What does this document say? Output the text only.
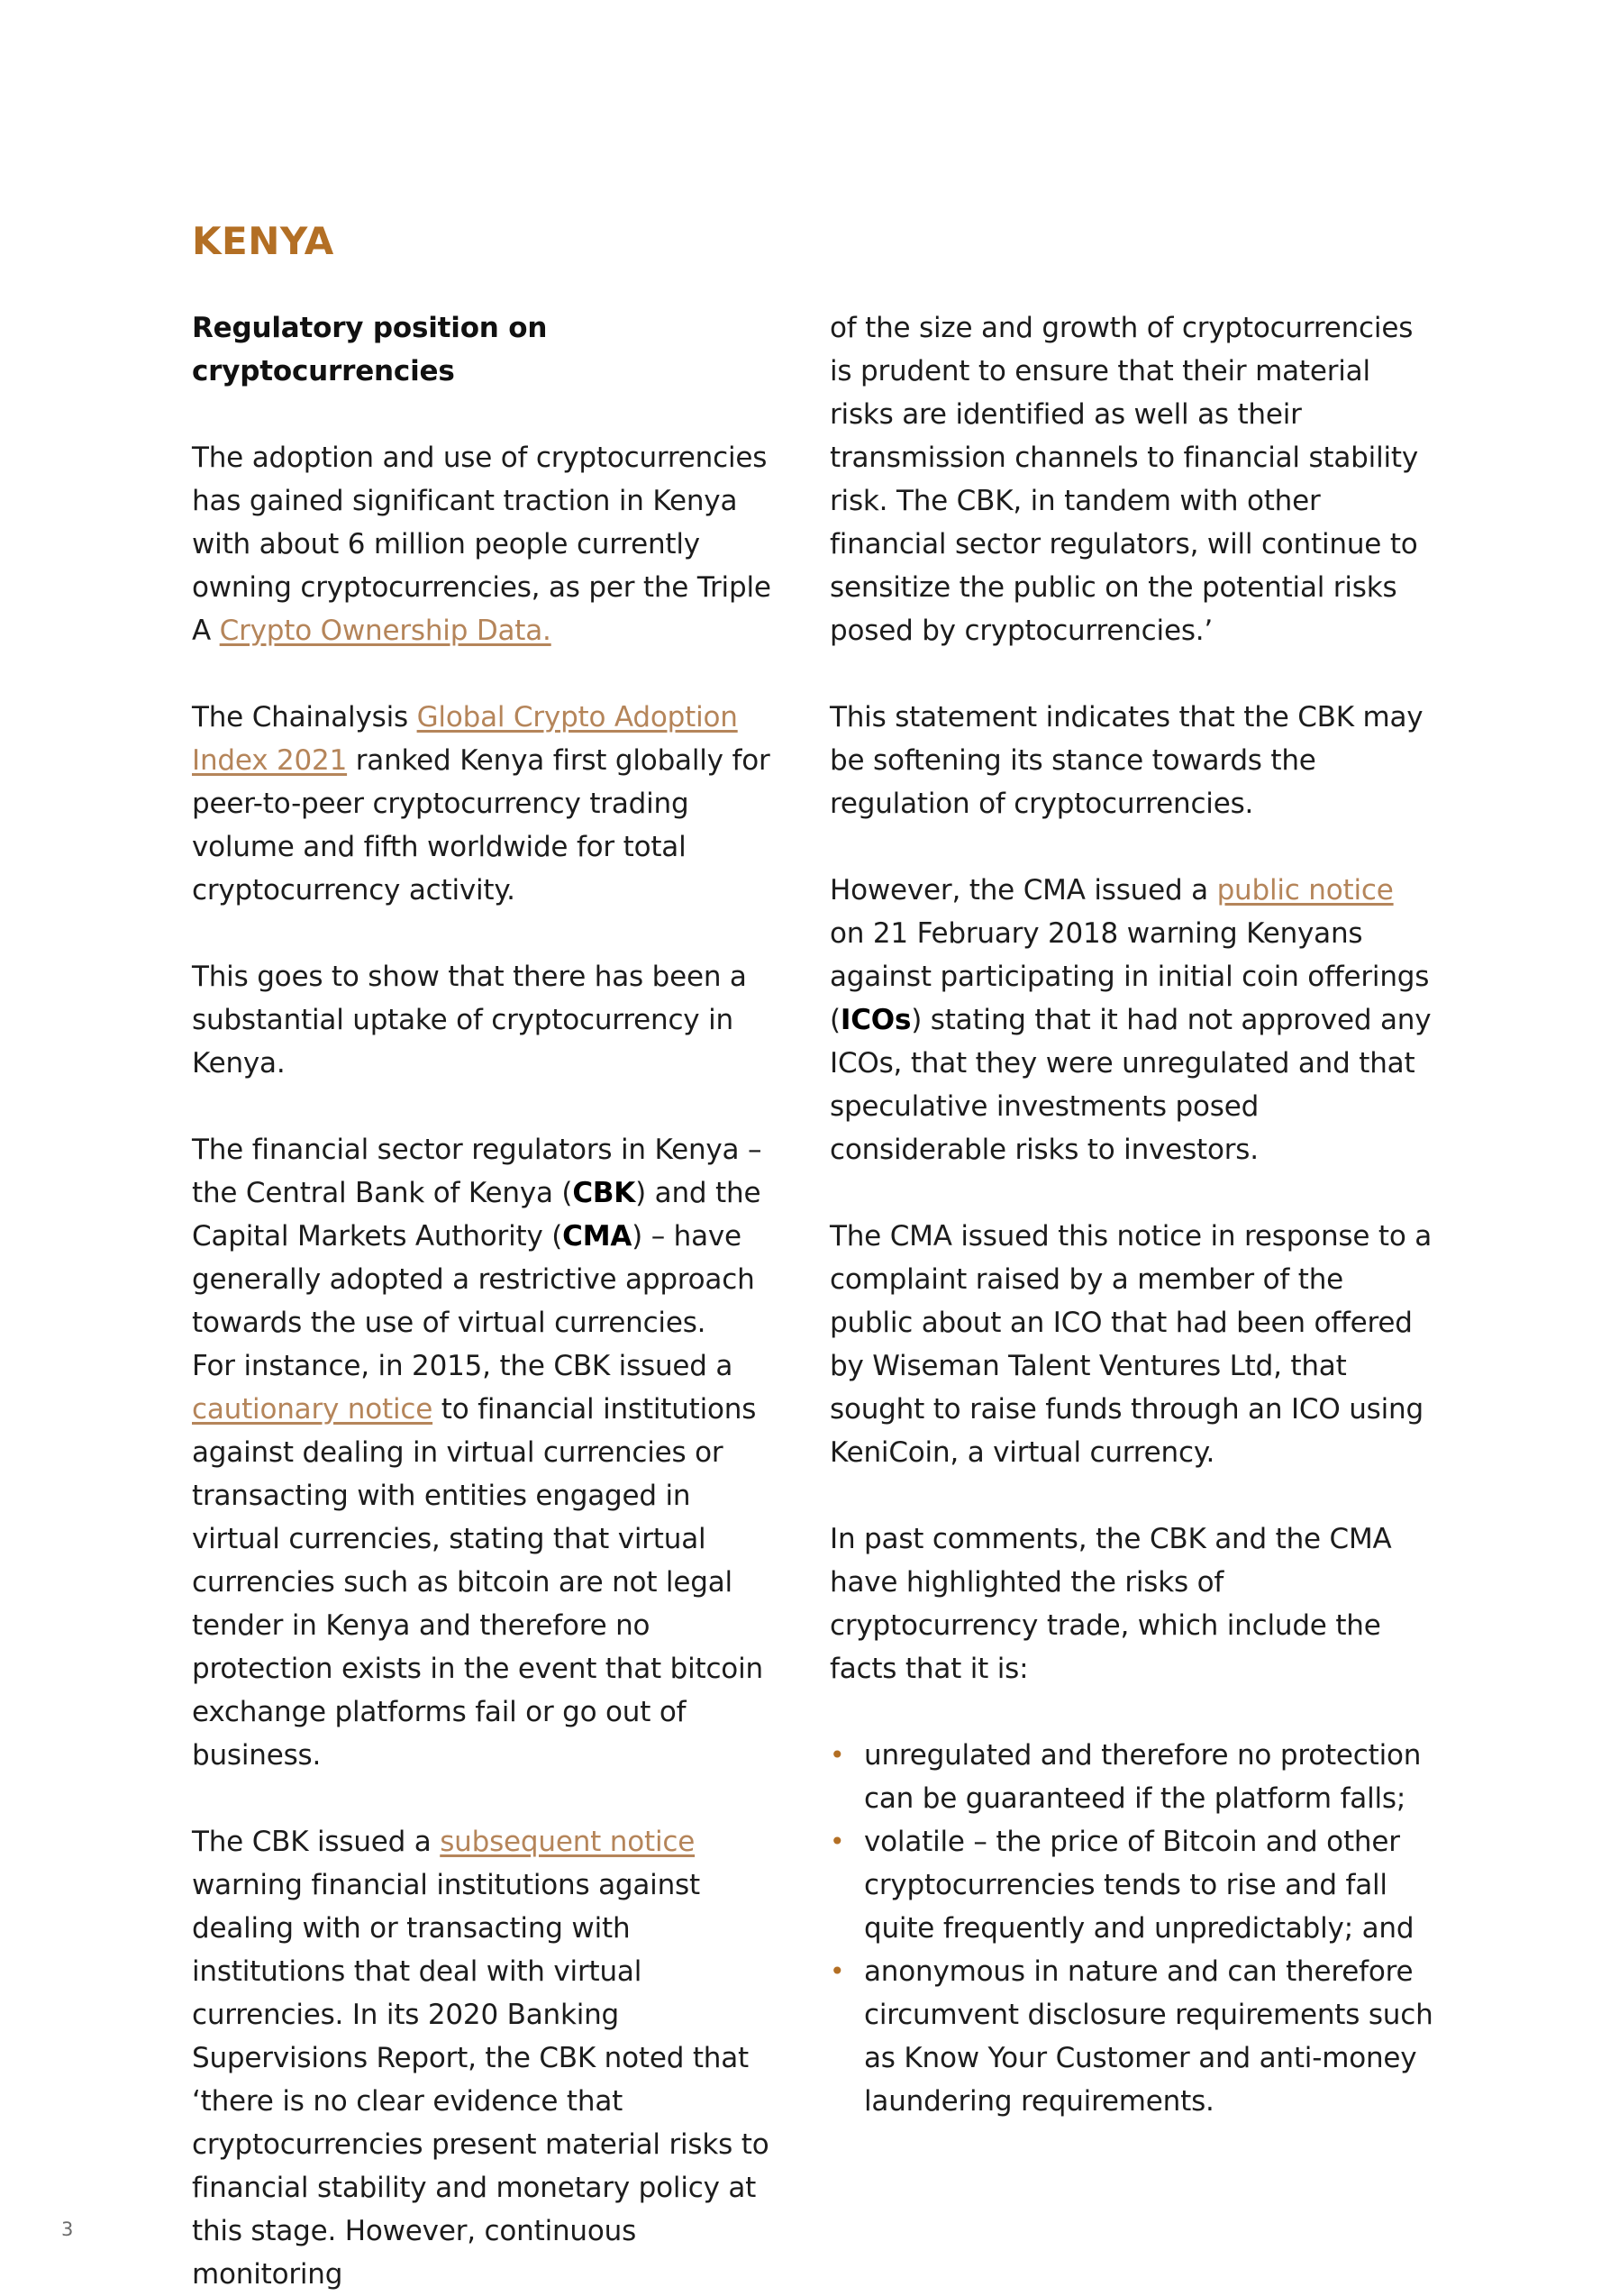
KENYA
Regulatory position on cryptocurrencies

The adoption and use of cryptocurrencies has gained significant traction in Kenya with about 6 million people currently owning cryptocurrencies, as per the Triple A Crypto Ownership Data.

The Chainalysis Global Crypto Adoption Index 2021 ranked Kenya first globally for peer-to-peer cryptocurrency trading volume and fifth worldwide for total cryptocurrency activity.

This goes to show that there has been a substantial uptake of cryptocurrency in Kenya.

The financial sector regulators in Kenya – the Central Bank of Kenya (CBK) and the Capital Markets Authority (CMA) – have generally adopted a restrictive approach towards the use of virtual currencies.

For instance, in 2015, the CBK issued a cautionary notice to financial institutions against dealing in virtual currencies or transacting with entities engaged in virtual currencies, stating that virtual currencies such as bitcoin are not legal tender in Kenya and therefore no protection exists in the event that bitcoin exchange platforms fail or go out of business.

The CBK issued a subsequent notice warning financial institutions against dealing with or transacting with institutions that deal with virtual currencies. In its 2020 Banking Supervisions Report, the CBK noted that ‘there is no clear evidence that cryptocurrencies present material risks to financial stability and monetary policy at this stage. However, continuous monitoring

of the size and growth of cryptocurrencies is prudent to ensure that their material risks are identified as well as their transmission channels to financial stability risk. The CBK, in tandem with other financial sector regulators, will continue to sensitize the public on the potential risks posed by cryptocurrencies.’

This statement indicates that the CBK may be softening its stance towards the regulation of cryptocurrencies.

However, the CMA issued a public notice on 21 February 2018 warning Kenyans against participating in initial coin offerings (ICOs) stating that it had not approved any ICOs, that they were unregulated and that speculative investments posed considerable risks to investors.

The CMA issued this notice in response to a complaint raised by a member of the public about an ICO that had been offered by Wiseman Talent Ventures Ltd, that sought to raise funds through an ICO using KeniCoin, a virtual currency.

In past comments, the CBK and the CMA have highlighted the risks of cryptocurrency trade, which include the facts that it is:

• unregulated and therefore no protection can be guaranteed if the platform falls;
• volatile – the price of Bitcoin and other cryptocurrencies tends to rise and fall quite frequently and unpredictably; and
• anonymous in nature and can therefore circumvent disclosure requirements such as Know Your Customer and anti-money laundering requirements.
3
